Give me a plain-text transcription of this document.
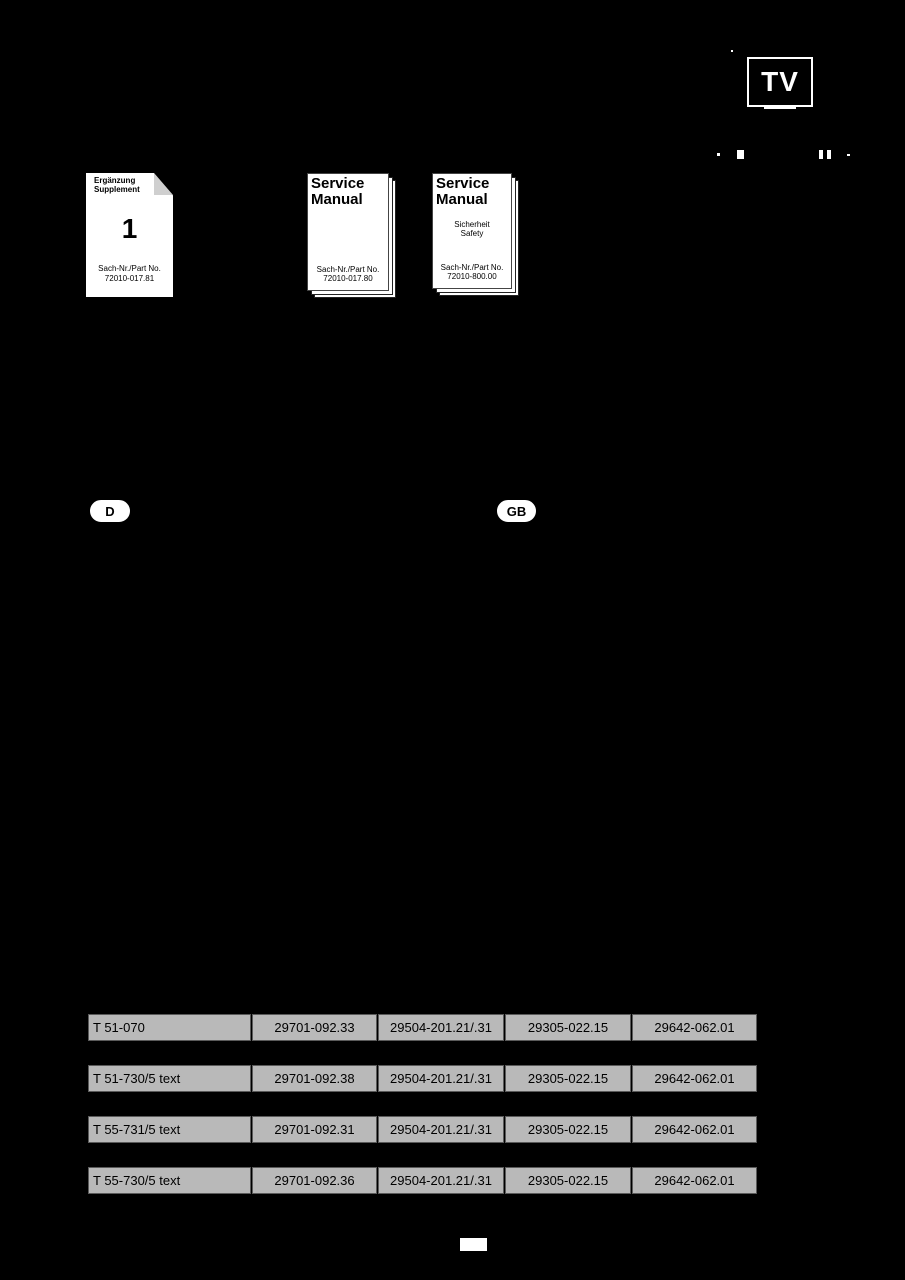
TV
Ergänzung
Supplement
1
Sach-Nr./Part No.
72010-017.81
Service
Manual
Sach-Nr./Part No.
72010-017.80
Service
Manual
Sicherheit
Safety
Sach-Nr./Part No.
72010-800.00
D	GB
T 51-070	29701-092.33	29504-201.21/.31	29305-022.15	29642-062.01
T 51-730/5 text	29701-092.38	29504-201.21/.31	29305-022.15	29642-062.01
T 55-731/5 text	29701-092.31	29504-201.21/.31	29305-022.15	29642-062.01
T 55-730/5 text	29701-092.36	29504-201.21/.31	29305-022.15	29642-062.01
